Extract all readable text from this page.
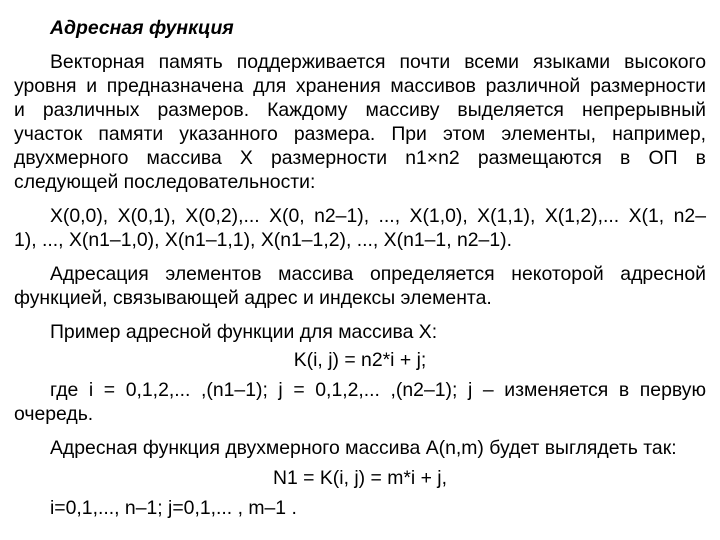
Адресная функция
Векторная память поддерживается почти всеми языками высокого
уровня и предназначена для хранения массивов различной размерности
и различных размеров. Каждому массиву выделяется непрерывный
участок памяти указанного размера. При этом элементы, например,
двухмерного массива X размерности n1×n2 размещаются в ОП в
следующей последовательности:
X(0,0), X(0,1), X(0,2),... X(0, n2–1), ..., X(1,0), X(1,1), X(1,2),... X(1, n2–
1), ..., X(n1–1,0), X(n1–1,1), X(n1–1,2), ..., X(n1–1, n2–1).
Адресация элементов массива определяется некоторой адресной
функцией, связывающей адрес и индексы элемента.
Пример адресной функции для массива X:
K(i, j) = n2*i + j;
где i = 0,1,2,... ,(n1–1); j = 0,1,2,... ,(n2–1); j – изменяется в первую
очередь.
Адресная функция двухмерного массива A(n,m) будет выглядеть так:
N1 = K(i, j) = m*i + j,
i=0,1,..., n–1; j=0,1,... , m–1 .
